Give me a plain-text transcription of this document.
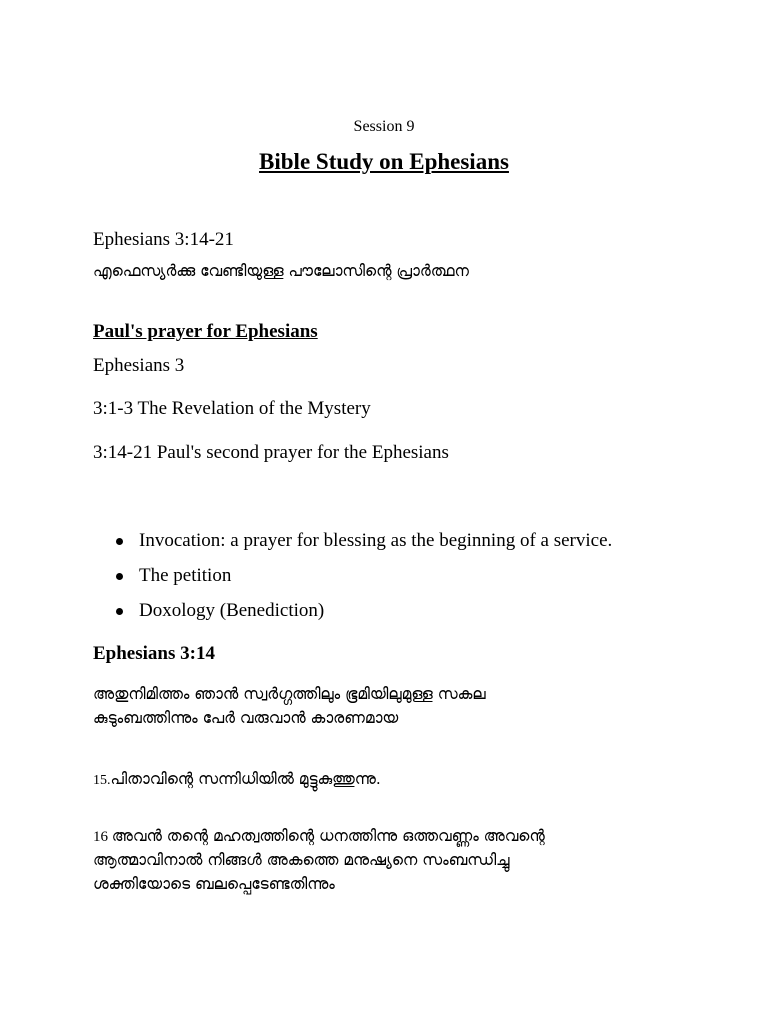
Session 9
Bible Study on Ephesians
Ephesians 3:14-21
എഫെസ്യർക്കു വേണ്ടിയുള്ള പൗലോസിന്റെ പ്രാർത്ഥന
Paul's prayer for Ephesians
Ephesians 3
3:1-3 The Revelation of the Mystery
3:14-21 Paul's second prayer for the Ephesians
Invocation: a prayer for blessing as the beginning of a service.
The petition
Doxology (Benediction)
Ephesians 3:14
അതുനിമിത്തം ഞാൻ സ്വർഗ്ഗത്തിലും ഭൂമിയിലുമുള്ള സകല
കുടുംബത്തിന്നും പേർ വരുവാൻ കാരണമായ
15.പിതാവിന്റെ സന്നിധിയിൽ മുട്ടുകുത്തുന്നു.
16 അവൻ തന്റെ മഹത്വത്തിന്റെ ധനത്തിന്നു ഒത്തവണ്ണം അവന്റെ
ആത്മാവിനാൽ നിങ്ങൾ അകത്തെ മനുഷ്യനെ സംബന്ധിച്ചു
ശക്തിയോടെ ബലപ്പെടേണ്ടതിന്നും
